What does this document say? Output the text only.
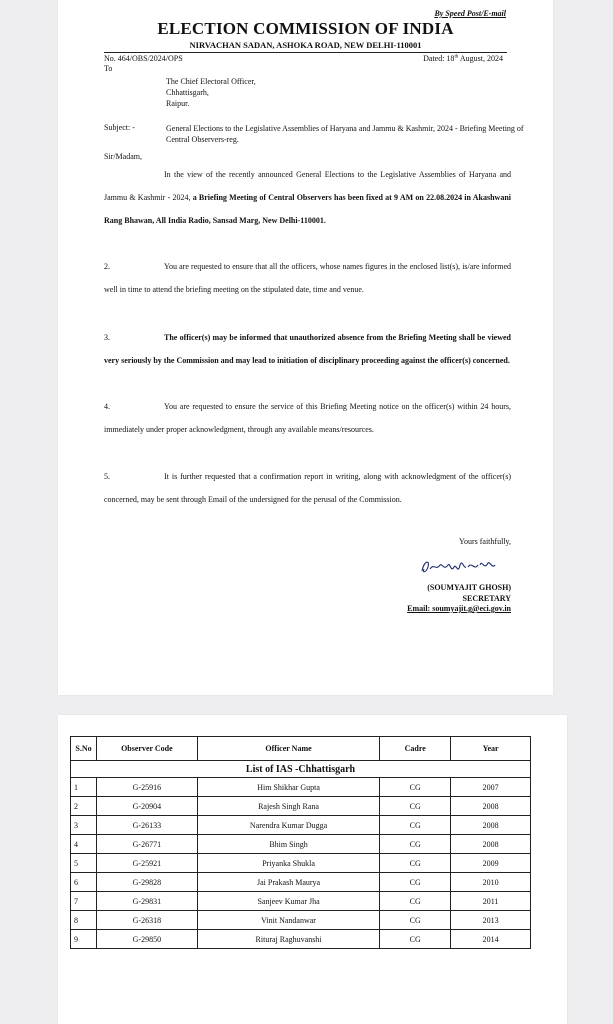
By Speed Post/E-mail
ELECTION COMMISSION OF INDIA
NIRVACHAN SADAN, ASHOKA ROAD, NEW DELHI-110001
No. 464/OBS/2024/OPS	Dated: 18th August, 2024
To
The Chief Electoral Officer,
Chhattisgarh,
Raipur.
Subject: -	General Elections to the Legislative Assemblies of Haryana and Jammu & Kashmir, 2024 - Briefing Meeting of Central Observers-reg.
Sir/Madam,
In the view of the recently announced General Elections to the Legislative Assemblies of Haryana and Jammu & Kashmir - 2024, a Briefing Meeting of Central Observers has been fixed at 9 AM on 22.08.2024 in Akashwani Rang Bhawan, All India Radio, Sansad Marg, New Delhi-110001.
2.	You are requested to ensure that all the officers, whose names figures in the enclosed list(s), is/are informed well in time to attend the briefing meeting on the stipulated date, time and venue.
3.	The officer(s) may be informed that unauthorized absence from the Briefing Meeting shall be viewed very seriously by the Commission and may lead to initiation of disciplinary proceeding against the officer(s) concerned.
4.	You are requested to ensure the service of this Briefing Meeting notice on the officer(s) within 24 hours, immediately under proper acknowledgment, through any available means/resources.
5.	It is further requested that a confirmation report in writing, along with acknowledgment of the officer(s) concerned, may be sent through Email of the undersigned for the perusal of the Commission.
Yours faithfully,
(SOUMYAJIT GHOSH)
SECRETARY
Email: soumyajit.g@eci.gov.in
S.No	Observer Code	Officer Name	Cadre	Year
List of IAS -Chhattisgarh				
1	G-25916	Him Shikhar Gupta	CG	2007
2	G-20904	Rajesh Singh Rana	CG	2008
3	G-26133	Narendra Kumar Dugga	CG	2008
4	G-26771	Bhim Singh	CG	2008
5	G-25921	Priyanka Shukla	CG	2009
6	G-29828	Jai Prakash Maurya	CG	2010
7	G-29831	Sanjeev Kumar Jha	CG	2011
8	G-26318	Vinit Nandanwar	CG	2013
9	G-29850	Rituraj Raghuvanshi	CG	2014
